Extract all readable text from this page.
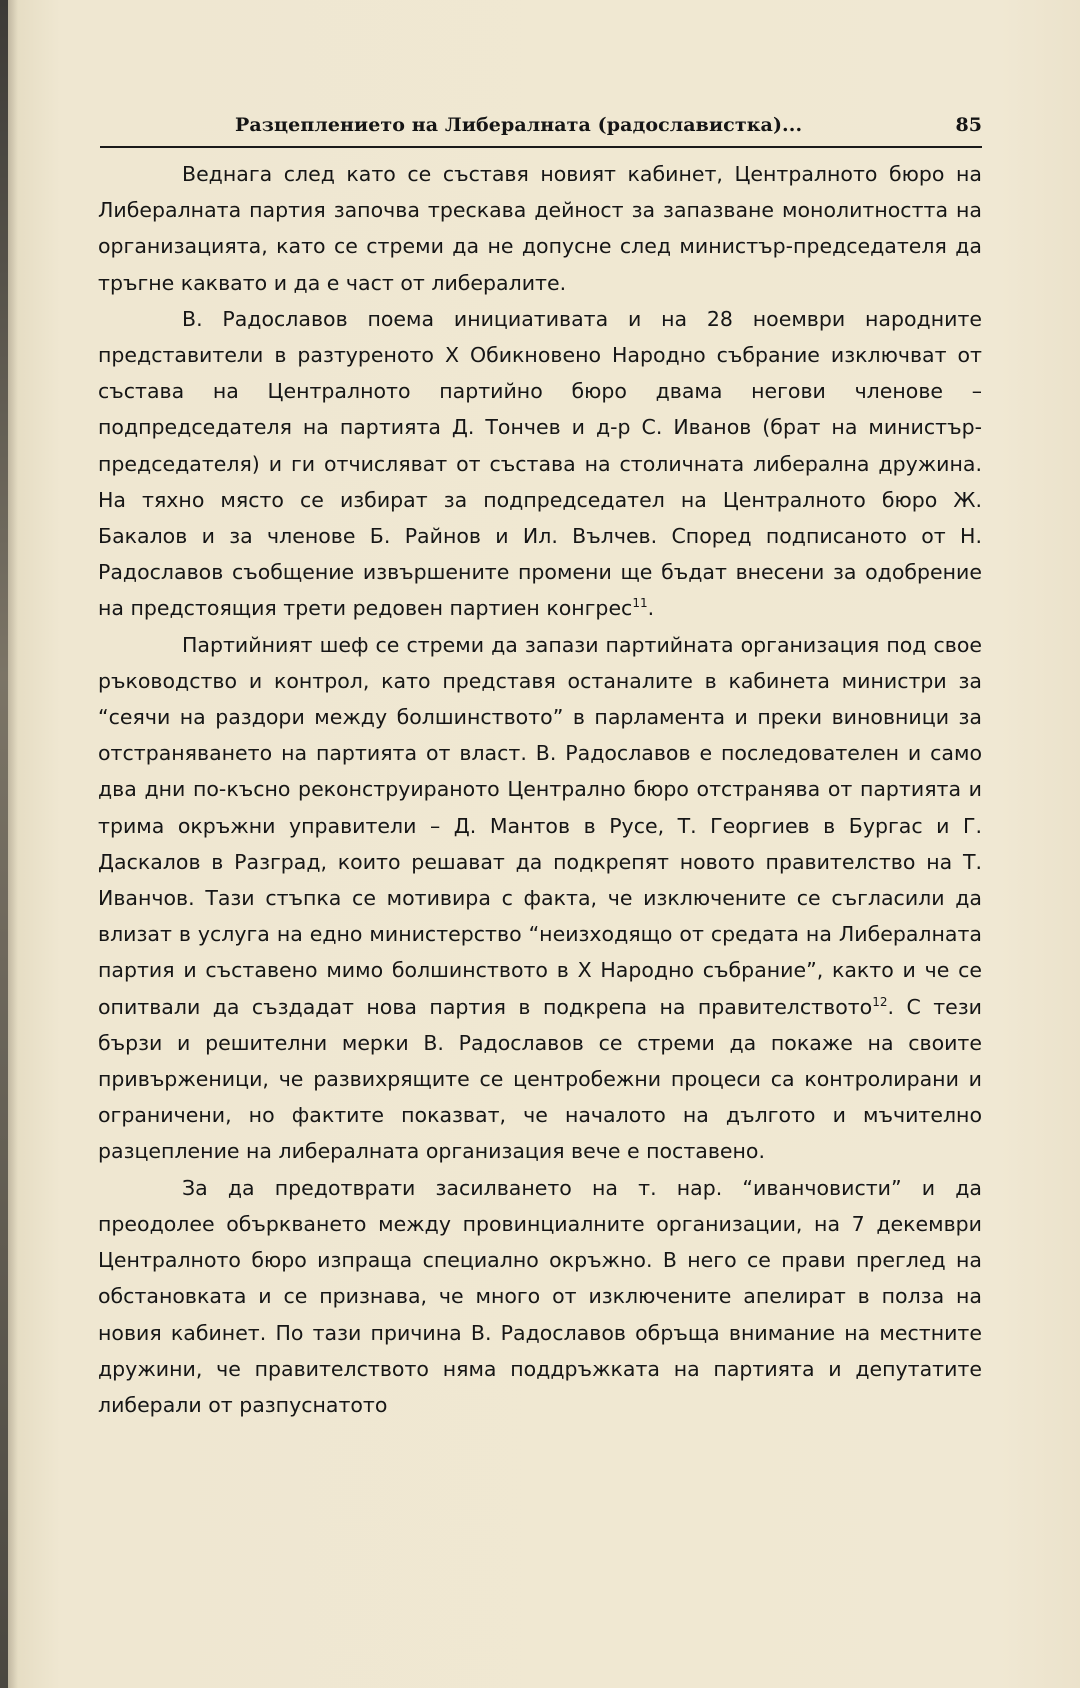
Разцеплението на Либералната (радославистка)...	85

Веднага след като се съставя новият кабинет, Централното бюро на Либералната партия започва трескава дейност за запазване монолитността на организацията, като се стреми да не допусне след министър-председателя да тръгне каквато и да е част от либералите.

В. Радославов поема инициативата и на 28 ноември народните представители в разтуреното X Обикновено Народно събрание изключват от състава на Централното партийно бюро двама негови членове – подпредседателя на партията Д. Тончев и д-р С. Иванов (брат на министър-председателя) и ги отчисляват от състава на столичната либерална дружина. На тяхно място се избират за подпредседател на Централното бюро Ж. Бакалов и за членове Б. Райнов и Ил. Вълчев. Според подписаното от Н. Радославов съобщение извършените промени ще бъдат внесени за одобрение на предстоящия трети редовен партиен конгрес$^{11}$.

Партийният шеф се стреми да запази партийната организация под свое ръководство и контрол, като представя останалите в кабинета министри за “сеячи на раздори между болшинството” в парламента и преки виновници за отстраняването на партията от власт. В. Радославов е последователен и само два дни по-късно реконструираното Централно бюро отстранява от партията и трима окръжни управители – Д. Мантов в Русе, Т. Георгиев в Бургас и Г. Даскалов в Разград, които решават да подкрепят новото правителство на Т. Иванчов. Тази стъпка се мотивира с факта, че изключените се съгласили да влизат в услуга на едно министерство “неизходящо от средата на Либералната партия и съставено мимо болшинството в X Народно събрание”, както и че се опитвали да създадат нова партия в подкрепа на правителството$^{12}$. С тези бързи и решителни мерки В. Радославов се стреми да покаже на своите привърженици, че развихрящите се центробежни процеси са контролирани и ограничени, но фактите показват, че началото на дългото и мъчително разцепление на либералната организация вече е поставено.

За да предотврати засилването на т. нар. “иванчовисти” и да преодолее объркването между провинциалните организации, на 7 декември Централното бюро изпраща специално окръжно. В него се прави преглед на обстановката и се признава, че много от изключените апелират в полза на новия кабинет. По тази причина В. Радославов обръща внимание на местните дружини, че правителството няма поддръжката на партията и депутатите либерали от разпуснатото
